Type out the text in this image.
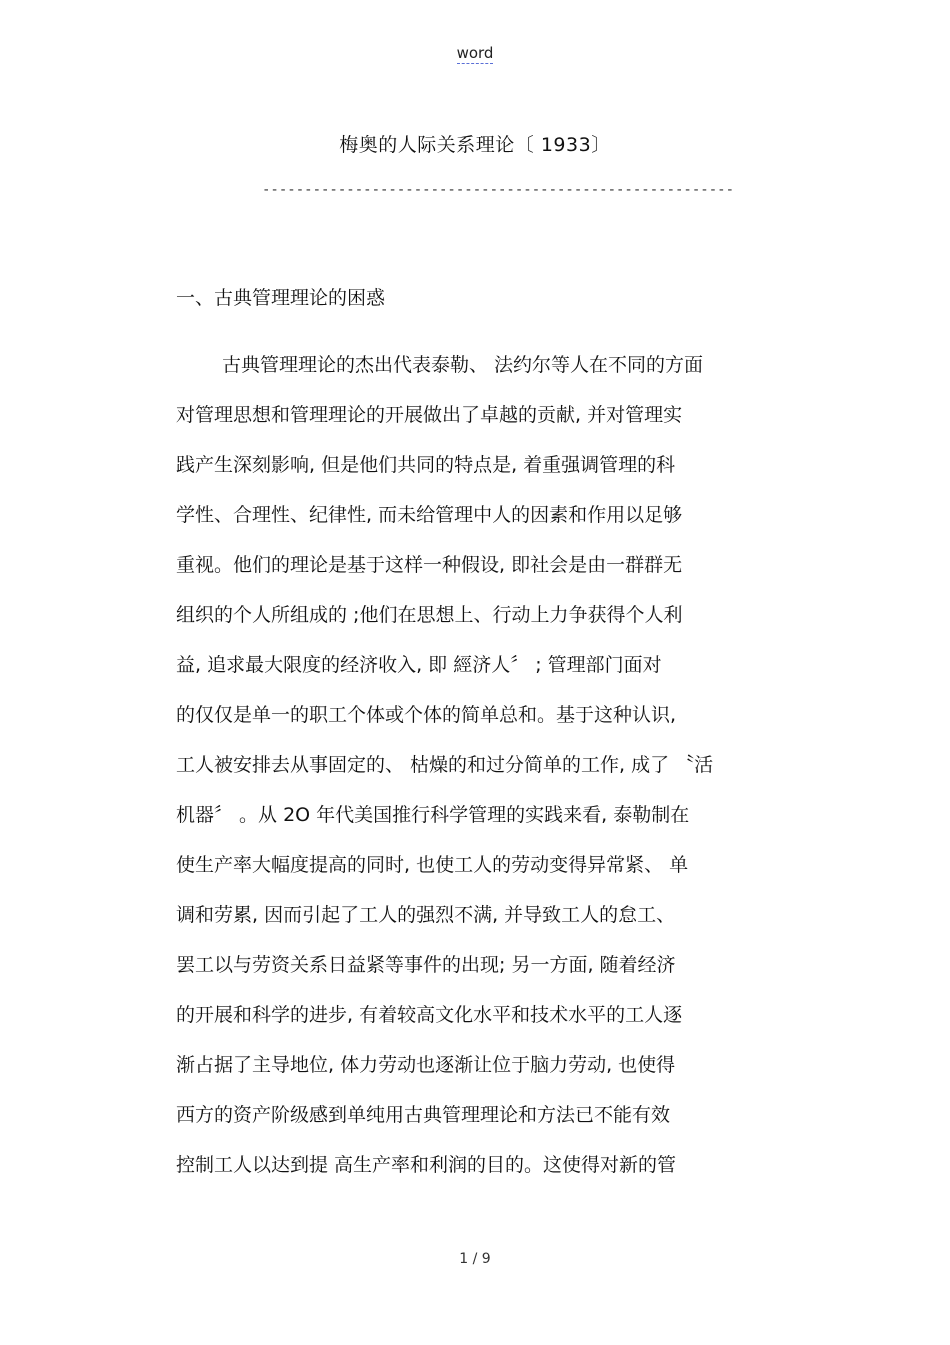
word
梅奥的人际关系理论〔 1933〕
--------------------------------------------------------
一、古典管理理论的困惑
古典管理理论的杰出代表泰勒、 法约尔等人在不同的方面
对管理思想和管理理论的开展做出了卓越的贡献, 并对管理实
践产生深刻影响, 但是他们共同的特点是, 着重强调管理的科
学性、合理性、纪律性, 而未给管理中人的因素和作用以足够
重视。他们的理论是基于这样一种假设, 即社会是由一群群无
组织的个人所组成的 ;他们在思想上、行动上力争获得个人利
益, 追求最大限度的经济收入, 即 經济人〞 ; 管理部门面对
的仅仅是单一的职工个体或个体的简单总和。基于这种认识,
工人被安排去从事固定的、 枯燥的和过分简单的工作, 成了 〝活
机器〞 。从 2O 年代美国推行科学管理的实践来看, 泰勒制在
使生产率大幅度提高的同时, 也使工人的劳动变得异常紧、 单
调和劳累, 因而引起了工人的强烈不满, 并导致工人的怠工、
罢工以与劳资关系日益紧等事件的出现; 另一方面, 随着经济
的开展和科学的进步, 有着较高文化水平和技术水平的工人逐
渐占据了主导地位, 体力劳动也逐渐让位于脑力劳动, 也使得
西方的资产阶级感到单纯用古典管理理论和方法已不能有效
控制工人以达到提 高生产率和利润的目的。这使得对新的管
1 / 9
